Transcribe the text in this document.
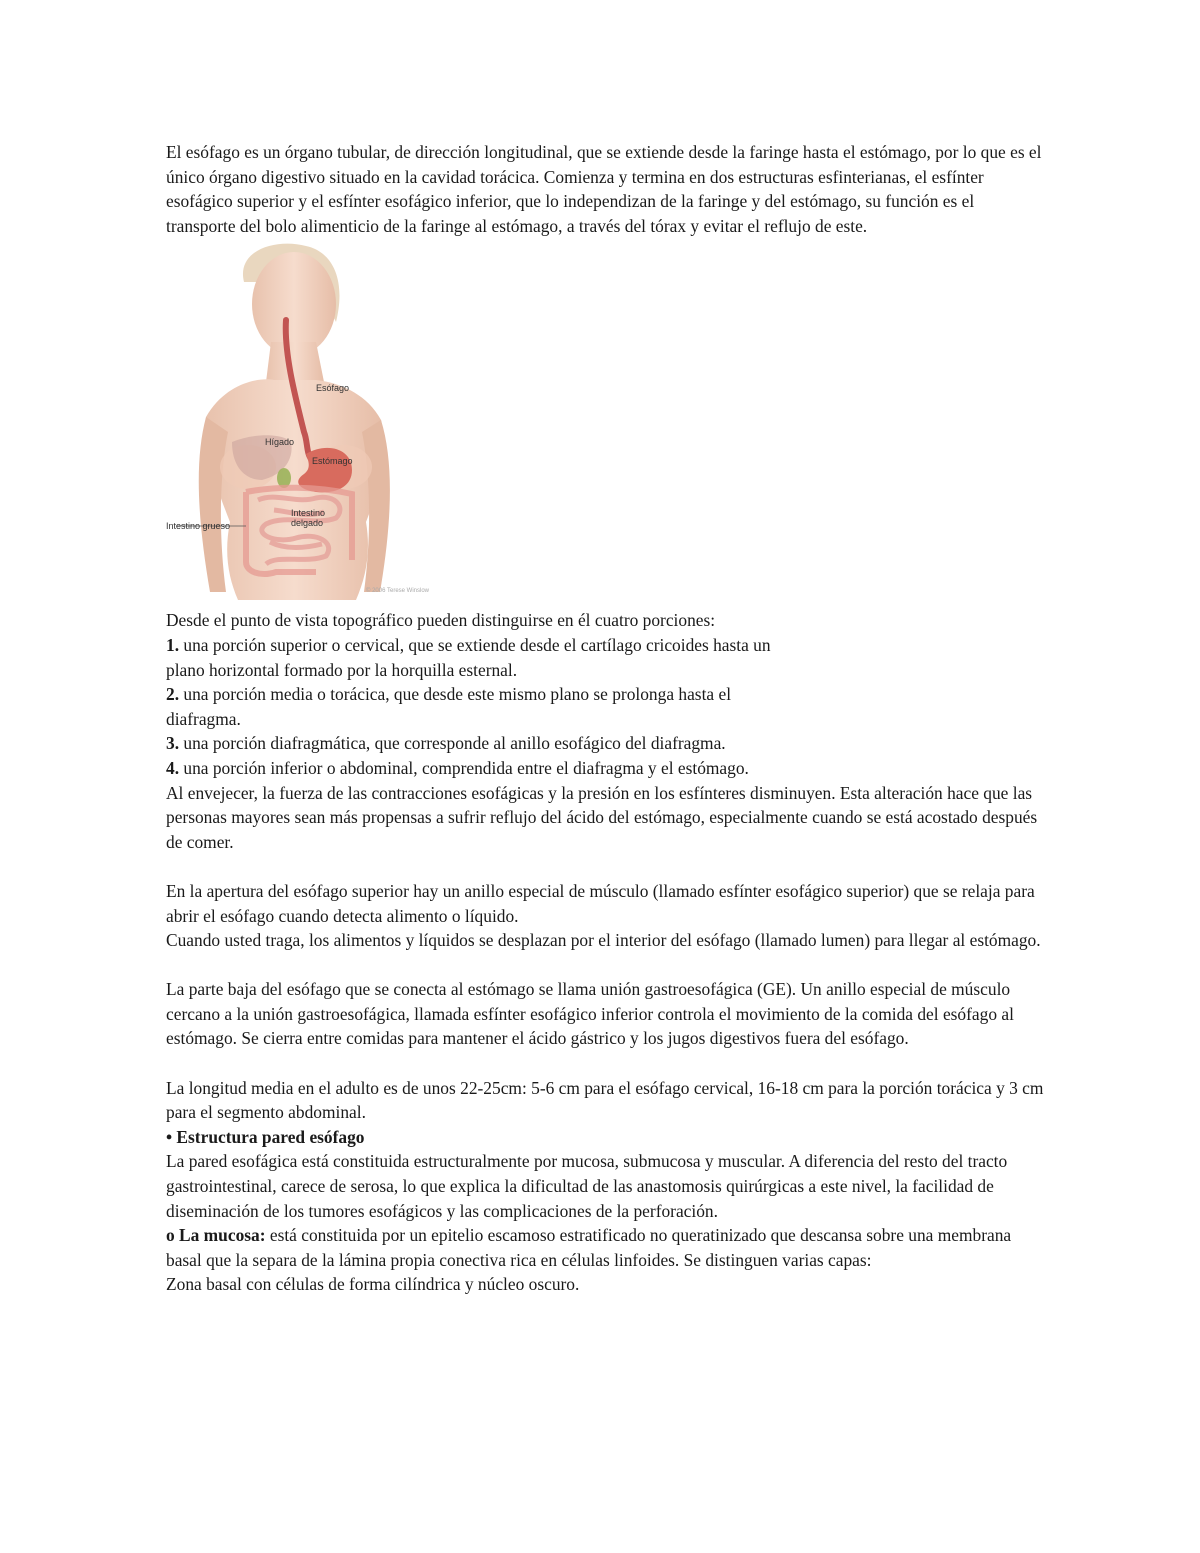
El esófago es un órgano tubular, de dirección longitudinal, que se extiende desde la faringe hasta el estómago, por lo que es el único órgano digestivo situado en la cavidad torácica. Comienza y termina en dos estructuras esfinterianas, el esfínter esofágico superior y el esfínter esofágico inferior, que lo independizan de la faringe y del estómago, su función es el transporte del bolo alimenticio de la faringe al estómago, a través del tórax y evitar el reflujo de este.

Esófago
Hígado
Estómago
Intestino
delgado
Intestino grueso
© 2006 Terese Winslow

Desde el punto de vista topográfico pueden distinguirse en él cuatro porciones:

1. una porción superior o cervical, que se extiende desde el cartílago cricoides hasta un

plano horizontal formado por la horquilla esternal.

2. una porción media o torácica, que desde este mismo plano se prolonga hasta el

diafragma.

3. una porción diafragmática, que corresponde al anillo esofágico del diafragma.

4. una porción inferior o abdominal, comprendida entre el diafragma y el estómago.

Al envejecer, la fuerza de las contracciones esofágicas y la presión en los esfínteres disminuyen. Esta alteración hace que las personas mayores sean más propensas a sufrir reflujo del ácido del estómago, especialmente cuando se está acostado después de comer.

En la apertura del esófago superior hay un anillo especial de músculo (llamado esfínter esofágico superior) que se relaja para abrir el esófago cuando detecta alimento o líquido.

Cuando usted traga, los alimentos y líquidos se desplazan por el interior del esófago (llamado lumen) para llegar al estómago.

La parte baja del esófago que se conecta al estómago se llama unión gastroesofágica (GE). Un anillo especial de músculo cercano a la unión gastroesofágica, llamada esfínter esofágico inferior controla el movimiento de la comida del esófago al estómago. Se cierra entre comidas para mantener el ácido gástrico y los jugos digestivos fuera del esófago.

La longitud media en el adulto es de unos 22-25cm: 5-6 cm para el esófago cervical, 16-18 cm para la porción torácica y 3 cm para el segmento abdominal.

• Estructura pared esófago

La pared esofágica está constituida estructuralmente por mucosa, submucosa y muscular. A diferencia del resto del tracto gastrointestinal, carece de serosa, lo que explica la dificultad de las anastomosis quirúrgicas a este nivel, la facilidad de diseminación de los tumores esofágicos y las complicaciones de la perforación.

o La mucosa: está constituida por un epitelio escamoso estratificado no queratinizado que descansa sobre una membrana basal que la separa de la lámina propia conectiva rica en células linfoides. Se distinguen varias capas:

Zona basal con células de forma cilíndrica y núcleo oscuro.
